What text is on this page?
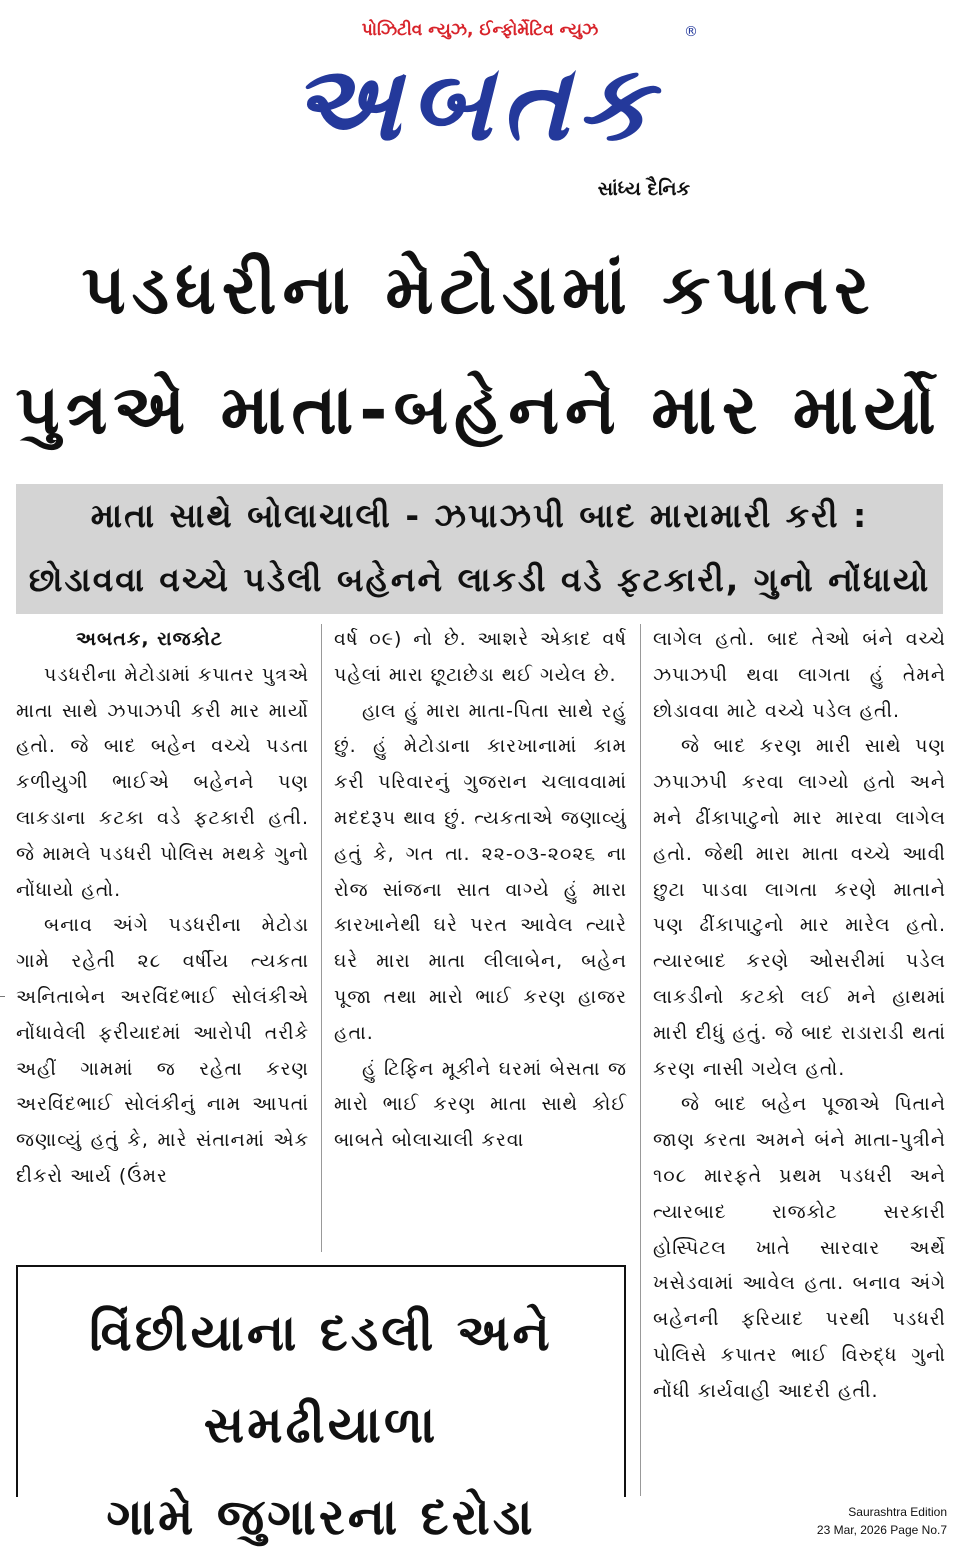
પોઝિટીવ ન્યુઝ, ઈન્ફોર્મેટિવ ન્યુઝ
અબતક
®
સાંધ્ય દૈનિક
પડધરીના મેટોડામાં કપાતર
પુત્રએ માતા-બહેનને માર માર્યો
માતા સાથે બોલાચાલી - ઝપાઝપી બાદ મારામારી કરી :
છોડાવવા વચ્ચે પડેલી બહેનને લાકડી વડે ફટકારી, ગુનો નોંધાયો

અબતક, રાજકોટ

પડધરીના મેટોડામાં કપાતર પુત્રએ માતા સાથે ઝપાઝપી કરી માર માર્યો હતો. જે બાદ બહેન વચ્ચે પડતા કળીયુગી ભાઈએ બહેનને પણ લાકડાના કટકા વડે ફટકારી હતી. જે મામલે પડધરી પોલિસ મથકે ગુનો નોંધાયો હતો.

બનાવ અંગે પડધરીના મેટોડા ગામે રહેતી ૨૮ વર્ષીય ત્યકતા અનિતાબેન અરવિંદભાઈ સોલંકીએ નોંધાવેલી ફરીયાદમાં આરોપી તરીકે અહીં ગામમાં જ રહેતા કરણ અરવિંદભાઈ સોલંકીનું નામ આપતાં જણાવ્યું હતું કે, મારે સંતાનમાં એક દીકરો આર્ય (ઉંમર

વર્ષ ૦૯) નો છે. આશરે એકાદ વર્ષ પહેલાં મારા છૂટાછેડા થઈ ગયેલ છે.

હાલ હું મારા માતા-પિતા સાથે રહું છું. હું મેટોડાના કારખાનામાં કામ કરી પરિવારનું ગુજરાન ચલાવવામાં મદદરૂપ થાવ છું. ત્યકતાએ જણાવ્યું હતું કે, ગત તા. ૨૨-૦૩-૨૦૨૬ ના રોજ સાંજના સાત વાગ્યે હું મારા કારખાનેથી ઘરે પરત આવેલ ત્યારે ઘરે મારા માતા લીલાબેન, બહેન પૂજા તથા મારો ભાઈ કરણ હાજર હતા.

હું ટિફિન મૂકીને ઘરમાં બેસતા જ મારો ભાઈ કરણ માતા સાથે કોઈ બાબતે બોલાચાલી કરવા

લાગેલ હતો. બાદ તેઓ બંને વચ્ચે ઝપાઝપી થવા લાગતા હું તેમને છોડાવવા માટે વચ્ચે પડેલ હતી.

જે બાદ કરણ મારી સાથે પણ ઝપાઝપી કરવા લાગ્યો હતો અને મને ઢીંકાપાટુનો માર મારવા લાગેલ હતો. જેથી મારા માતા વચ્ચે આવી છુટા પાડવા લાગતા કરણે માતાને પણ ઢીંકાપાટુનો માર મારેલ હતો. ત્યારબાદ કરણે ઓસરીમાં પડેલ લાકડીનો કટકો લઈ મને હાથમાં મારી દીધું હતું. જે બાદ રાડારાડી થતાં કરણ નાસી ગયેલ હતો.

જે બાદ બહેન પૂજાએ પિતાને જાણ કરતા અમને બંને માતા-પુત્રીને ૧૦૮ મારફતે પ્રથમ પડધરી અને ત્યારબાદ રાજકોટ સરકારી હોસ્પિટલ ખાતે સારવાર અર્થે ખસેડવામાં આવેલ હતા. બનાવ અંગે બહેનની ફરિયાદ પરથી પડધરી પોલિસે કપાતર ભાઈ વિરુદ્ધ ગુનો નોંધી કાર્યવાહી આદરી હતી.

વિંછીયાના દડલી અને સમઢીયાળા
ગામે જુગારના દરોડા	Saurashtra Edition
23 Mar, 2026 Page No.7
